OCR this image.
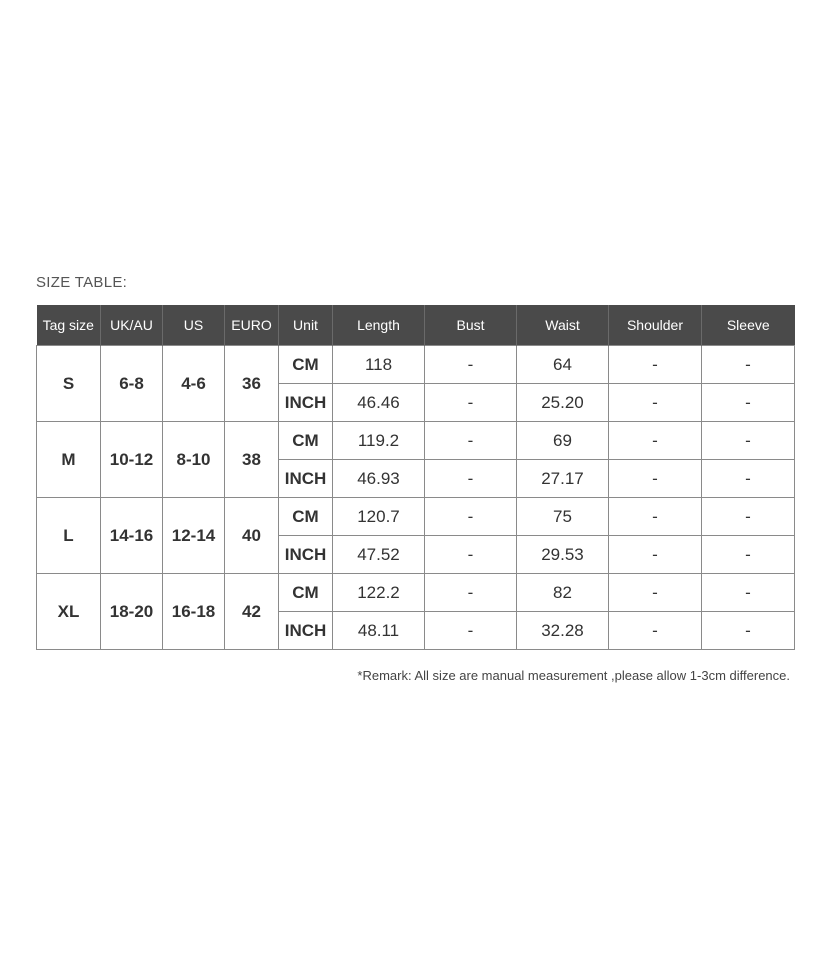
SIZE TABLE:
Tag size	UK/AU	US	EURO	Unit	Length	Bust	Waist	Shoulder	Sleeve
S	6-8	4-6	36	CM	118	-	64	-	-
				INCH	46.46	-	25.20	-	-
M	10-12	8-10	38	CM	119.2	-	69	-	-
				INCH	46.93	-	27.17	-	-
L	14-16	12-14	40	CM	120.7	-	75	-	-
				INCH	47.52	-	29.53	-	-
XL	18-20	16-18	42	CM	122.2	-	82	-	-
				INCH	48.11	-	32.28	-	-
*Remark: All size are manual measurement ,please allow 1-3cm difference.
